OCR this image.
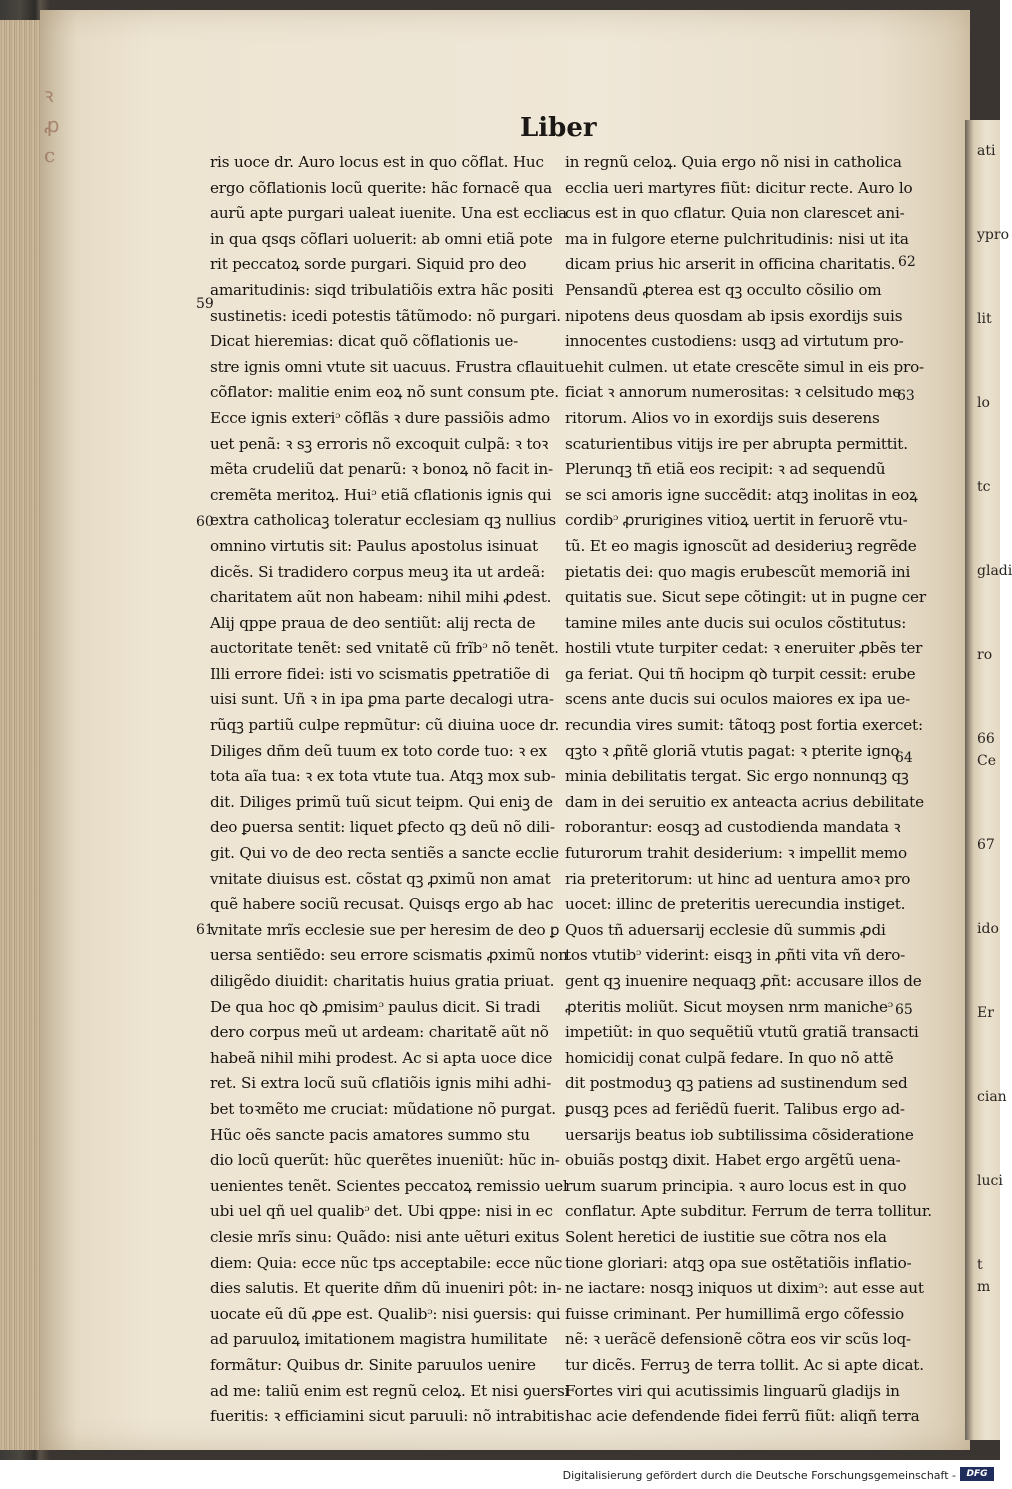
ꝛ
ꝓ
c	ati
ypro
lit
lo
tc
gladi
ro
66 Ce
67
ido
Er
cian
luci
t m
Liber
ris uoce dr. Auro locus est in quo cõflat. Huc
ergo cõflationis locũ querite: hãc fornacẽ qua
aurũ apte purgari ualeat iuenite. Una est ecclia
in qua qsqs cõflari uoluerit: ab omni etiã pote
rit peccatoꝝ sorde purgari. Siquid pro deo
amaritudinis: siqd tribulatiõis extra hãc positi
sustinetis: icedi potestis tãtũmodo: nõ purgari.
Dicat hieremias: dicat quõ cõflationis ue-
stre ignis omni vtute sit uacuus. Frustra cflauit
cõflator: malitie enim eoꝝ nõ sunt consum pte.
Ecce ignis exteriᵓ cõflãs ꝛ dure passiõis admo
uet penã: ꝛ sꝫ erroris nõ excoquit culpã: ꝛ toꝛ
mẽta crudeliũ dat penarũ: ꝛ bonoꝝ nõ facit in-
cremẽta meritoꝝ. Huiᵓ etiã cflationis ignis qui
extra catholicaꝫ toleratur ecclesiam qꝫ nullius
omnino virtutis sit: Paulus apostolus isinuat
dicẽs. Si tradidero corpus meuꝫ ita ut ardeã:
charitatem aũt non habeam: nihil mihi ꝓdest.
Alij qppe praua de deo sentiũt: alij recta de
auctoritate tenẽt: sed vnitatẽ cũ frĩbᵓ nõ tenẽt.
Illi errore fidei: isti vo scismatis ꝑpetratiõe di
uisi sunt. Uñ ꝛ in ipa ꝑma parte decalogi utra-
rũqꝫ partiũ culpe repmũtur: cũ diuina uoce dr.
Diliges dñm deũ tuum ex toto corde tuo: ꝛ ex
tota aĩa tua: ꝛ ex tota vtute tua. Atqꝫ mox sub-
dit. Diliges primũ tuũ sicut teipm. Qui eniꝫ de
deo ꝑuersa sentit: liquet ꝑfecto qꝫ deũ nõ dili-
git. Qui vo de deo recta sentiẽs a sancte ecclie
vnitate diuisus est. cõstat qꝫ ꝓximũ non amat
quẽ habere sociũ recusat. Quisqs ergo ab hac
vnitate mrĩs ecclesie sue per heresim de deo ꝑ
uersa sentiẽdo: seu errore scismatis ꝓximũ non
diligẽdo diuidit: charitatis huius gratia priuat.
De qua hoc qꝺ ꝓmisimᵓ paulus dicit. Si tradi
dero corpus meũ ut ardeam: charitatẽ aũt nõ
habeã nihil mihi prodest. Ac si apta uoce dice
ret. Si extra locũ suũ cflatiõis ignis mihi adhi-
bet toꝛmẽto me cruciat: mũdatione nõ purgat.
Hũc oẽs sancte pacis amatores summo stu
dio locũ querũt: hũc querẽtes inueniũt: hũc in-
uenientes tenẽt. Scientes peccatoꝝ remissio uel
ubi uel qñ uel qualibᵓ det. Ubi qppe: nisi in ec
clesie mrĩs sinu: Quãdo: nisi ante uẽturi exitus
diem: Quia: ecce nũc tps acceptabile: ecce nũc
dies salutis. Et querite dñm dũ inueniri pôt: in-
uocate eũ dũ ꝓpe est. Qualibᵓ: nisi ꝯuersis: qui
ad paruuloꝝ imitationem magistra humilitate
formãtur: Quibus dr. Sinite paruulos uenire
ad me: taliũ enim est regnũ celoꝝ. Et nisi ꝯuersi
fueritis: ꝛ efficiamini sicut paruuli: nõ intrabitis
in regnũ celoꝝ. Quia ergo nõ nisi in catholica
ecclia ueri martyres fiũt: dicitur recte. Auro lo
cus est in quo cflatur. Quia non clarescet ani-
ma in fulgore eterne pulchritudinis: nisi ut ita
dicam prius hic arserit in officina charitatis.
Pensandũ ꝓterea est qꝫ occulto cõsilio om
nipotens deus quosdam ab ipsis exordijs suis
innocentes custodiens: usqꝫ ad virtutum pro-
uehit culmen. ut etate crescẽte simul in eis pro-
ficiat ꝛ annorum numerositas: ꝛ celsitudo me
ritorum. Alios vo in exordijs suis deserens
scaturientibus vitijs ire per abrupta permittit.
Plerunqꝫ tñ etiã eos recipit: ꝛ ad sequendũ
se sci amoris igne succẽdit: atqꝫ inolitas in eoꝝ
cordibᵓ ꝓrurigines vitioꝝ uertit in feruorẽ vtu-
tũ. Et eo magis ignoscũt ad desideriuꝫ regrẽde
pietatis dei: quo magis erubescũt memoriã ini
quitatis sue. Sicut sepe cõtingit: ut in pugne cer
tamine miles ante ducis sui oculos cõstitutus:
hostili vtute turpiter cedat: ꝛ eneruiter ꝓbẽs ter
ga feriat. Qui tñ hocipm qꝺ turpit cessit: erube
scens ante ducis sui oculos maiores ex ipa ue-
recundia vires sumit: tãtoqꝫ post fortia exercet:
qꝫto ꝛ ꝓñtẽ gloriã vtutis pagat: ꝛ pterite igno
minia debilitatis tergat. Sic ergo nonnunqꝫ qꝫ
dam in dei seruitio ex anteacta acrius debilitate
roborantur: eosqꝫ ad custodienda mandata ꝛ
futurorum trahit desiderium: ꝛ impellit memo
ria preteritorum: ut hinc ad uentura amoꝛ pro
uocet: illinc de preteritis uerecundia instiget.
Quos tñ aduersarij ecclesie dũ summis ꝓdi
tos vtutibᵓ viderint: eisqꝫ in ꝓñti vita vñ dero-
gent qꝫ inuenire nequaqꝫ ꝓñt: accusare illos de
ꝓteritis moliũt. Sicut moysen nrm manichеᵓ
impetiũt: in quo sequẽtiũ vtutũ gratiã transacti
homicidij conat culpã fedare. In quo nõ attẽ
dit postmoduꝫ qꝫ patiens ad sustinendum sed
ꝑusqꝫ pces ad feriẽdũ fuerit. Talibus ergo ad-
uersarijs beatus iob subtilissima cõsideratione
obuiãs postqꝫ dixit. Habet ergo argẽtũ uena-
rum suarum principia. ꝛ auro locus est in quo
conflatur. Apte subditur. Ferrum de terra tollitur.
Solent heretici de iustitie sue cõtra nos ela
tione gloriari: atqꝫ opa sue ostẽtatiõis inflatio-
ne iactare: nosqꝫ iniquos ut diximᵓ: aut esse aut
fuisse criminant. Per humillimã ergo cõfessio
nẽ: ꝛ uerãcẽ defensionẽ cõtra eos vir scũs loq-
tur dicẽs. Ferruꝫ de terra tollit. Ac si apte dicat.
Fortes viri qui acutissimis linguarũ gladijs in
hac acie defendende fidei ferrũ fiũt: aliqñ terra
59
60
61
62
63
64
65
Digitalisierung gefördert durch die Deutsche Forschungsgemeinschaft -	DFG
